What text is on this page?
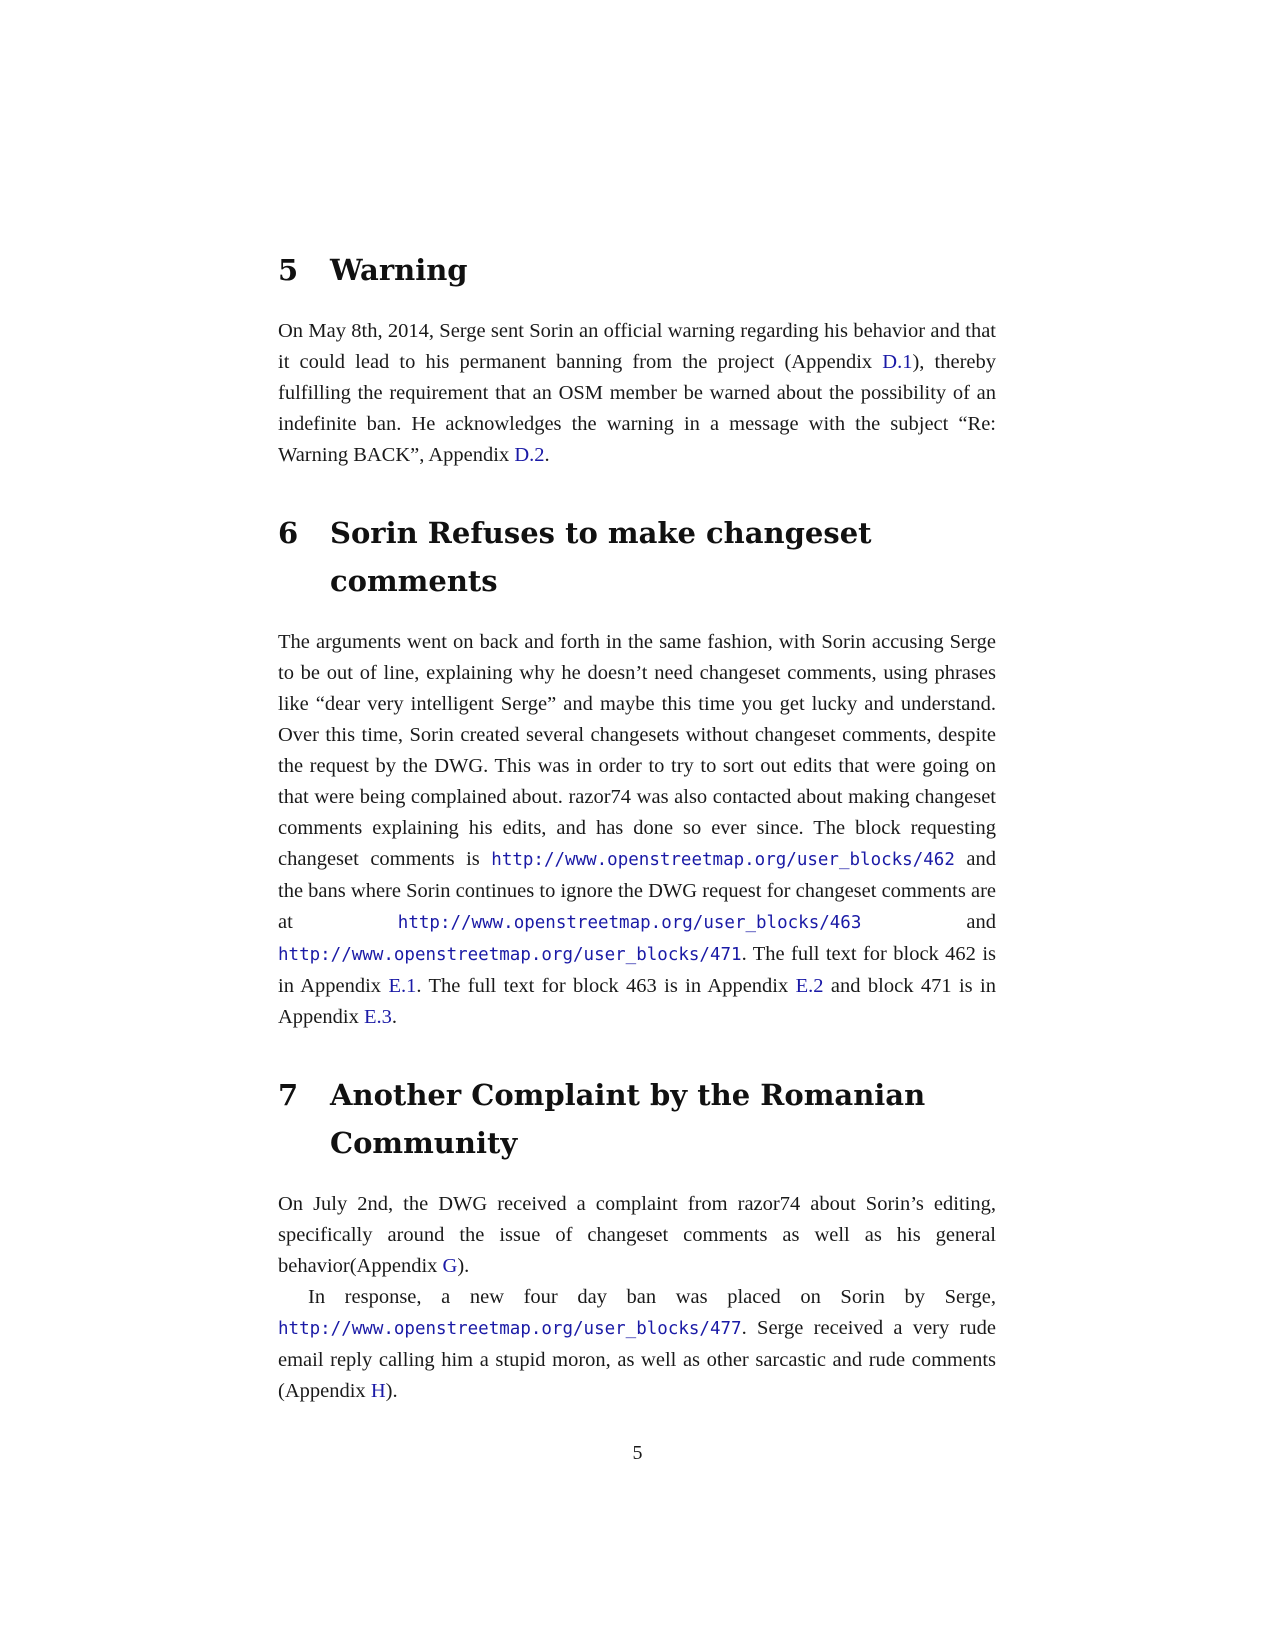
5	Warning

On May 8th, 2014, Serge sent Sorin an official warning regarding his behavior and that it could lead to his permanent banning from the project (Appendix D.1), thereby fulfilling the requirement that an OSM member be warned about the possibility of an indefinite ban. He acknowledges the warning in a message with the subject “Re: Warning BACK”, Appendix D.2.

6	Sorin Refuses to make changeset comments

The arguments went on back and forth in the same fashion, with Sorin accusing Serge to be out of line, explaining why he doesn’t need changeset comments, using phrases like “dear very intelligent Serge” and maybe this time you get lucky and understand. Over this time, Sorin created several changesets without changeset comments, despite the request by the DWG. This was in order to try to sort out edits that were going on that were being complained about. razor74 was also contacted about making changeset comments explaining his edits, and has done so ever since. The block requesting changeset comments is http://www.openstreetmap.org/user_blocks/462 and the bans where Sorin continues to ignore the DWG request for changeset comments are at http://www.openstreetmap.org/user_blocks/463 and http://www.openstreetmap.org/user_blocks/471. The full text for block 462 is in Appendix E.1. The full text for block 463 is in Appendix E.2 and block 471 is in Appendix E.3.

7	Another Complaint by the Romanian Community

On July 2nd, the DWG received a complaint from razor74 about Sorin’s editing, specifically around the issue of changeset comments as well as his general behavior(Appendix G).

In response, a new four day ban was placed on Sorin by Serge, http://www.openstreetmap.org/user_blocks/477. Serge received a very rude email reply calling him a stupid moron, as well as other sarcastic and rude comments (Appendix H).

5
